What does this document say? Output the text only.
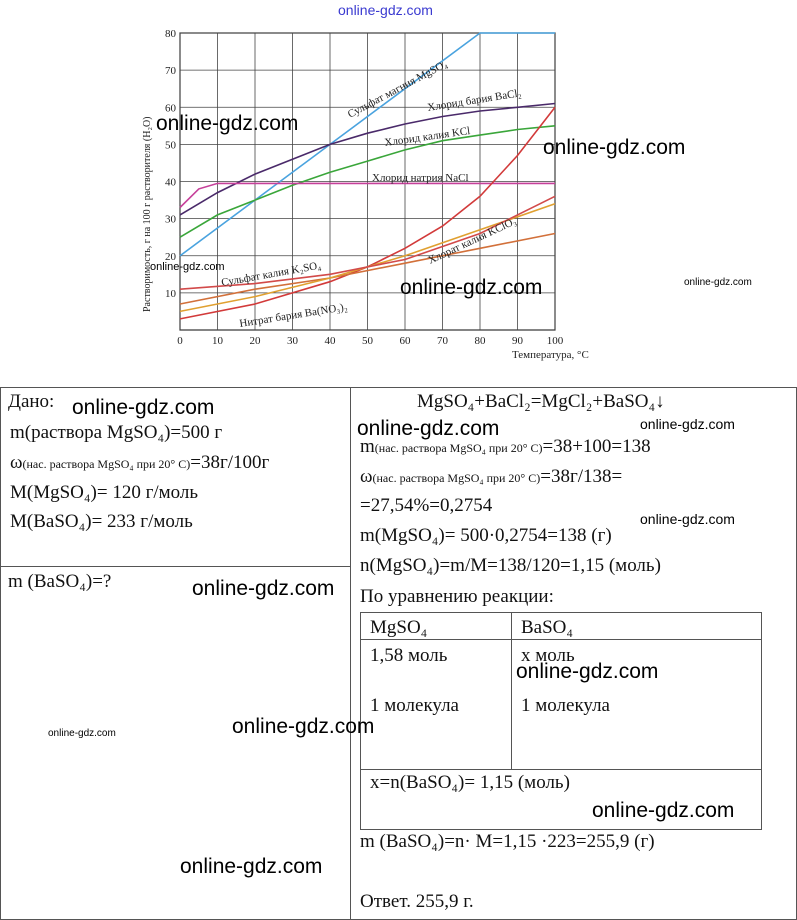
0	10 20 30 40 50 60 70 80 90 100
10
20
30
40
50
60
70
80
Сульфат магния MgSO₄
Хлорид бария BaCl₂
Хлорид калия KCl
Хлорид натрия NaCl
Хлорат калия KClO₃
Сульфат калия K₂SO₄
Нитрат бария Ba(NO₃)₂
Температура, °С
Растворимость, г на 100 г растворителя (H₂O)
online-gdz.com
online-gdz.com
online-gdz.com
online-gdz.com
online-gdz.com	online-gdz.com
Дано:
m(раствора MgSO₄)=500 г
ω(нас. раствора MgSO₄ при 20° С)=38г/100г
M(MgSO₄)= 120 г/моль
M(BaSO₄)= 233 г/моль
m (BaSO₄)=?
MgSO₄+BaCl₂=MgCl₂+BaSO₄↓
m(нас. раствора MgSO₄ при 20° С)=38+100=138
ω(нас. раствора MgSO₄ при 20° С)=38г/138=
=27,54%=0,2754
m(MgSO₄)= 500·0,2754=138 (г)
n(MgSO₄)=m/M=138/120=1,15 (моль)
По уравнению реакции:
MgSO₄	BaSO₄
1,58 моль	x моль
1 молекула	1 молекула
x=n(BaSO₄)= 1,15 (моль)
m (BaSO₄)=n· M=1,15 ·223=255,9 (г)
Ответ. 255,9 г.
online-gdz.com
online-gdz.com	online-gdz.com
online-gdz.com
online-gdz.com
online-gdz.com
online-gdz.com
online-gdz.com
online-gdz.com
online-gdz.com
